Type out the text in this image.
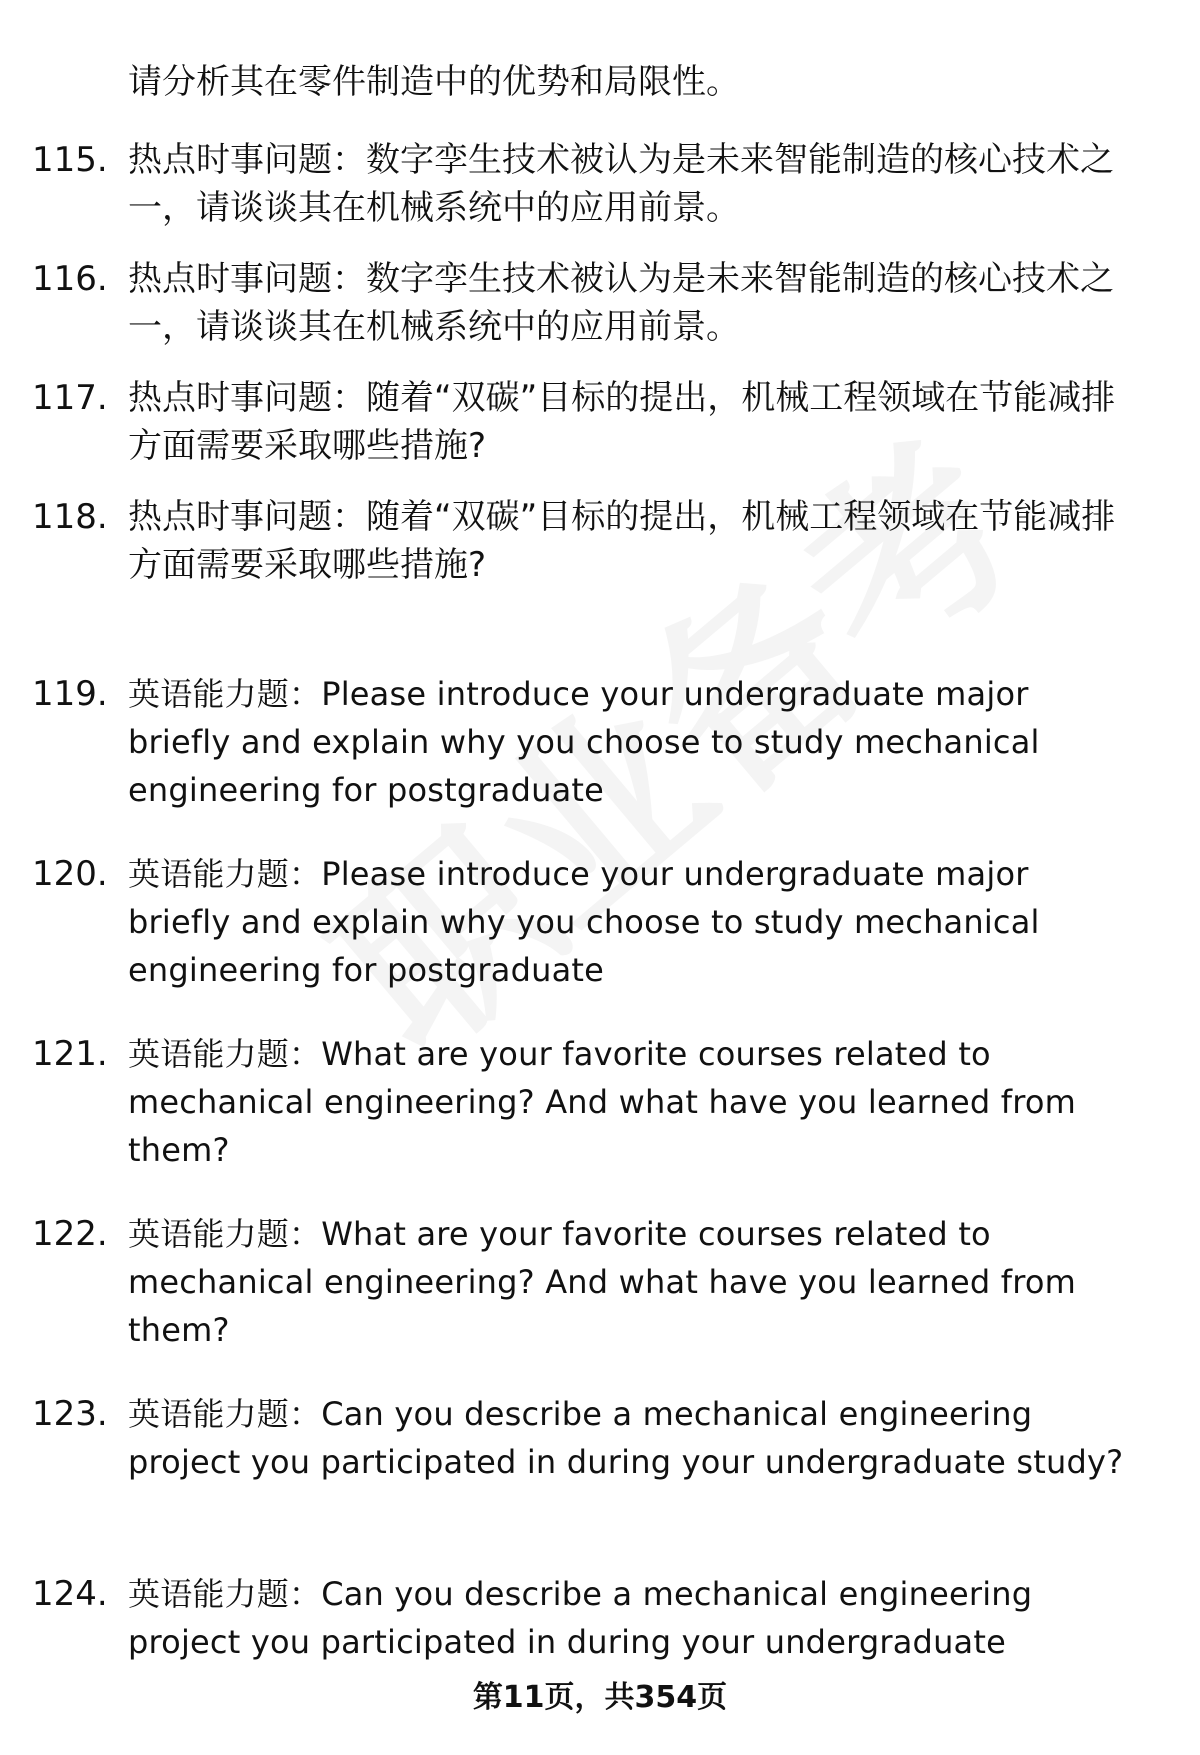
请分析其在零件制造中的优势和局限性。
115. 热点时事问题：数字孪生技术被认为是未来智能制造的核心技术之一，请谈谈其在机械系统中的应用前景。
116. 热点时事问题：数字孪生技术被认为是未来智能制造的核心技术之一，请谈谈其在机械系统中的应用前景。
117. 热点时事问题：随着“双碳”目标的提出，机械工程领域在节能减排方面需要采取哪些措施?
118. 热点时事问题：随着“双碳”目标的提出，机械工程领域在节能减排方面需要采取哪些措施?
119. 英语能力题：Please introduce your undergraduate major briefly and explain why you choose to study mechanical engineering for postgraduate
120. 英语能力题：Please introduce your undergraduate major briefly and explain why you choose to study mechanical engineering for postgraduate
121. 英语能力题：What are your favorite courses related to mechanical engineering? And what have you learned from them?
122. 英语能力题：What are your favorite courses related to mechanical engineering? And what have you learned from them?
123. 英语能力题：Can you describe a mechanical engineering project you participated in during your undergraduate study?
124. 英语能力题：Can you describe a mechanical engineering project you participated in during your undergraduate
第11页，共354页
